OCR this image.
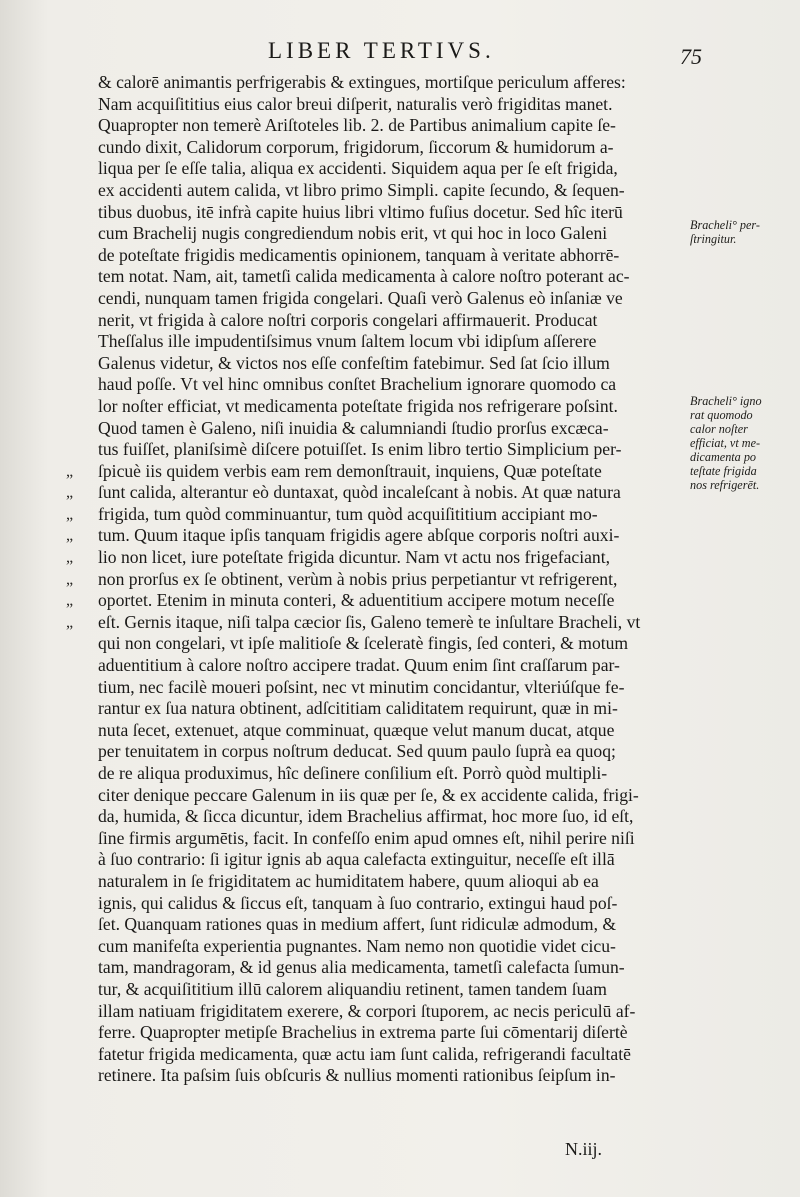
LIBER TERTIVS.	75
& calorē animantis perfrigerabis & extingues, mortiſque periculum afferes:
Nam acquiſititius eius calor breui diſperit, naturalis verò frigiditas manet.
Quapropter non temerè Ariſtoteles lib. 2. de Partibus animalium capite ſe-
cundo dixit, Calidorum corporum, frigidorum, ſiccorum & humidorum a-
liqua per ſe eſſe talia, aliqua ex accidenti. Siquidem aqua per ſe eſt frigida,
ex accidenti autem calida, vt libro primo Simpli. capite ſecundo, & ſequen-
tibus duobus, itē infrà capite huius libri vltimo fuſius docetur. Sed hîc iterū
cum Brachelij nugis congrediendum nobis erit, vt qui hoc in loco Galeni
de poteſtate frigidis medicamentis opinionem, tanquam à veritate abhorrē-
tem notat. Nam, ait, tametſi calida medicamenta à calore noſtro poterant ac-
cendi, nunquam tamen frigida congelari. Quaſi verò Galenus eò inſaniæ ve
nerit, vt frigida à calore noſtri corporis congelari affirmauerit. Producat
Theſſalus ille impudentiſsimus vnum ſaltem locum vbi idipſum aſſerere
Galenus videtur, & victos nos eſſe confeſtim fatebimur. Sed ſat ſcio illum
haud poſſe. Vt vel hinc omnibus conſtet Brachelium ignorare quomodo ca
lor noſter efficiat, vt medicamenta poteſtate frigida nos refrigerare poſsint.
Quod tamen è Galeno, niſi inuidia & calumniandi ſtudio prorſus excæca-
tus fuiſſet, planiſsimè diſcere potuiſſet. Is enim libro tertio Simplicium per-
„ ſpicuè iis quidem verbis eam rem demonſtrauit, inquiens, Quæ poteſtate
„ ſunt calida, alterantur eò duntaxat, quòd incaleſcant à nobis. At quæ natura
„ frigida, tum quòd comminuantur, tum quòd acquiſititium accipiant mo-
„ tum. Quum itaque ipſis tanquam frigidis agere abſque corporis noſtri auxi-
„ lio non licet, iure poteſtate frigida dicuntur. Nam vt actu nos frigefaciant,
„ non prorſus ex ſe obtinent, verùm à nobis prius perpetiantur vt refrigerent,
„ oportet. Etenim in minuta conteri, & aduentitium accipere motum neceſſe
„ eſt. Gernis itaque, niſi talpa cæcior ſis, Galeno temerè te inſultare Bracheli, vt
qui non congelari, vt ipſe malitioſe & ſceleratè fingis, ſed conteri, & motum
aduentitium à calore noſtro accipere tradat. Quum enim ſint craſſarum par-
tium, nec facilè moueri poſsint, nec vt minutim concidantur, vlteriúſque fe-
rantur ex ſua natura obtinent, adſcititiam caliditatem requirunt, quæ in mi-
nuta ſecet, extenuet, atque comminuat, quæque velut manum ducat, atque
per tenuitatem in corpus noſtrum deducat. Sed quum paulo ſuprà ea quoq;
de re aliqua produximus, hîc deſinere conſilium eſt. Porrò quòd multipli-
citer denique peccare Galenum in iis quæ per ſe, & ex accidente calida, frigi-
da, humida, & ſicca dicuntur, idem Brachelius affirmat, hoc more ſuo, id eſt,
ſine firmis argumētis, facit. In confeſſo enim apud omnes eſt, nihil perire niſi
à ſuo contrario: ſi igitur ignis ab aqua calefacta extinguitur, neceſſe eſt illā
naturalem in ſe frigiditatem ac humiditatem habere, quum alioqui ab ea
ignis, qui calidus & ſiccus eſt, tanquam à ſuo contrario, extingui haud poſ-
ſet. Quanquam rationes quas in medium affert, ſunt ridiculæ admodum, &
cum manifeſta experientia pugnantes. Nam nemo non quotidie videt cicu-
tam, mandragoram, & id genus alia medicamenta, tametſi calefacta ſumun-
tur, & acquiſititium illū calorem aliquandiu retinent, tamen tandem ſuam
illam natiuam frigiditatem exerere, & corpori ſtuporem, ac necis periculū af-
ferre. Quapropter metipſe Brachelius in extrema parte ſui cōmentarij diſertè
fatetur frigida medicamenta, quæ actu iam ſunt calida, refrigerandi facultatē
retinere. Ita paſsim ſuis obſcuris & nullius momenti rationibus ſeipſum in-
Bracheli° per-
ſtringitur.
Bracheli° igno
rat quomodo
calor noſter
efficiat, vt me-
dicamenta po
teſtate frigida
nos refrigerēt.
N.iij.
